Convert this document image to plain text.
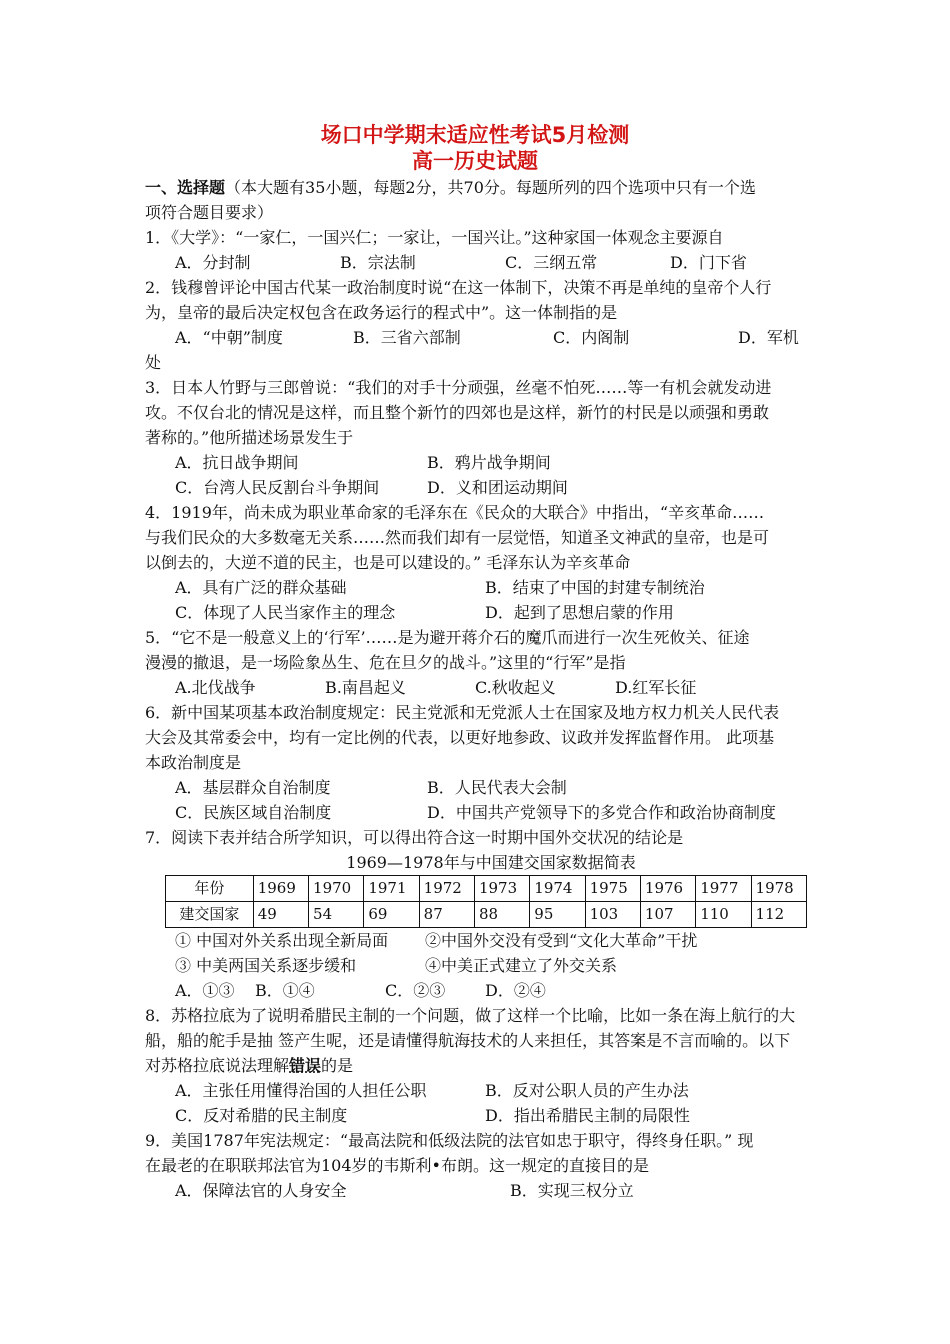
场口中学期末适应性考试5月检测
高一历史试题
一、选择题（本大题有35小题，每题2分，共70分。每题所列的四个选项中只有一个选
项符合题目要求）
1．《大学》：“一家仁，一国兴仁；一家让，一国兴让。”这种家国一体观念主要源自
A．分封制	B．宗法制	C．三纲五常	D．门下省
2．钱穆曾评论中国古代某一政治制度时说“在这一体制下，决策不再是单纯的皇帝个人行
为，皇帝的最后决定权包含在政务运行的程式中”。这一体制指的是
A．“中朝”制度	B．三省六部制	C．内阁制	D．军机
处
3．日本人竹野与三郎曾说：“我们的对手十分顽强，丝毫不怕死……等一有机会就发动进
攻。不仅台北的情况是这样，而且整个新竹的四郊也是这样，新竹的村民是以顽强和勇敢
著称的。”他所描述场景发生于
A．抗日战争期间	B．鸦片战争期间
C．台湾人民反割台斗争期间	D．义和团运动期间
4．1919年，尚未成为职业革命家的毛泽东在《民众的大联合》中指出，“辛亥革命……
与我们民众的大多数毫无关系……然而我们却有一层觉悟，知道圣文神武的皇帝，也是可
以倒去的，大逆不道的民主，也是可以建设的。” 毛泽东认为辛亥革命
A．具有广泛的群众基础	B．结束了中国的封建专制统治
C．体现了人民当家作主的理念	D．起到了思想启蒙的作用
5．“它不是一般意义上的‘行军’……是为避开蒋介石的魔爪而进行一次生死攸关、征途
漫漫的撤退，是一场险象丛生、危在旦夕的战斗。”这里的“行军”是指
A.北伐战争	B.南昌起义	C.秋收起义	D.红军长征
6．新中国某项基本政治制度规定：民主党派和无党派人士在国家及地方权力机关人民代表
大会及其常委会中，均有一定比例的代表，以更好地参政、议政并发挥监督作用。 此项基
本政治制度是
A．基层群众自治制度	B．人民代表大会制
C．民族区域自治制度	D．中国共产党领导下的多党合作和政治协商制度
7．阅读下表并结合所学知识，可以得出符合这一时期中国外交状况的结论是
1969—1978年与中国建交国家数据简表
年份	1969	1970	1971	1972	1973	1974	1975	1976	1977	1978
建交国家	49	54	69	87	88	95	103	107	110	112
① 中国对外关系出现全新局面	②中国外交没有受到“文化大革命”干扰
③ 中美两国关系逐步缓和	④中美正式建立了外交关系
A．①③	B．①④	C．②③	D．②④
8．苏格拉底为了说明希腊民主制的一个问题，做了这样一个比喻，比如一条在海上航行的大
船，船的舵手是抽 签产生呢，还是请懂得航海技术的人来担任，其答案是不言而喻的。以下
对苏格拉底说法理解错误的是
A．主张任用懂得治国的人担任公职	B．反对公职人员的产生办法
C．反对希腊的民主制度	D．指出希腊民主制的局限性
9．美国1787年宪法规定：“最高法院和低级法院的法官如忠于职守，得终身任职。” 现
在最老的在职联邦法官为104岁的韦斯利•布朗。这一规定的直接目的是
A．保障法官的人身安全	B．实现三权分立
